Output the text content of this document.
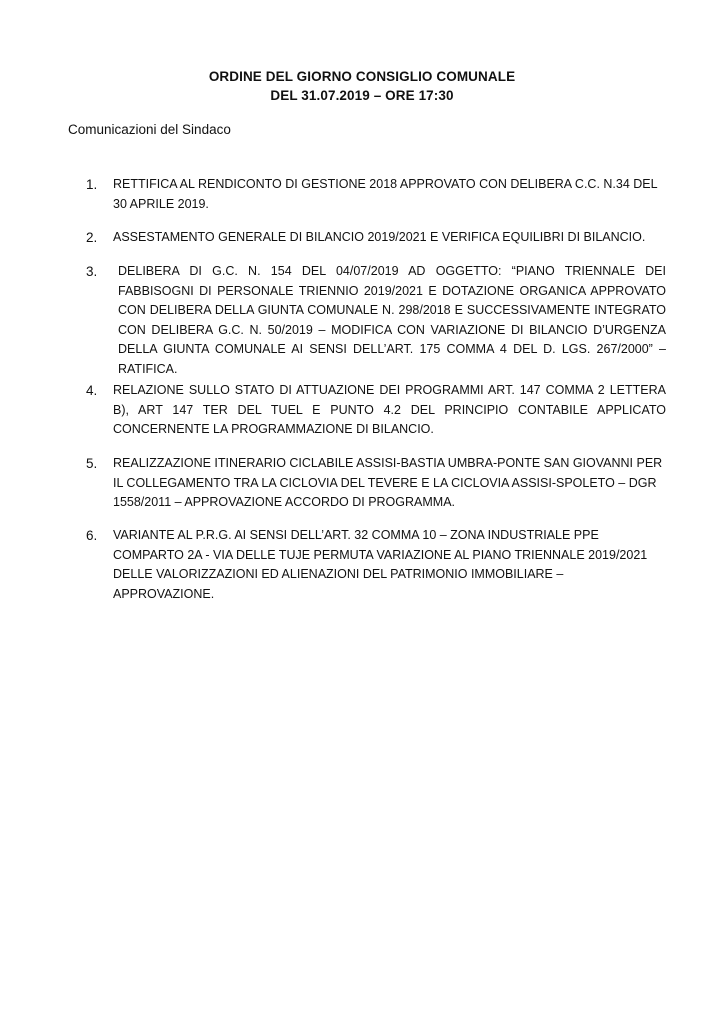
ORDINE DEL GIORNO CONSIGLIO COMUNALE
DEL 31.07.2019 – ORE 17:30
Comunicazioni del Sindaco
1. RETTIFICA AL RENDICONTO DI GESTIONE 2018 APPROVATO CON DELIBERA C.C. N.34 DEL 30 APRILE 2019.
2. ASSESTAMENTO GENERALE DI BILANCIO 2019/2021 E VERIFICA EQUILIBRI DI BILANCIO.
3.	DELIBERA DI G.C. N. 154 DEL 04/07/2019 AD OGGETTO: “PIANO TRIENNALE DEI FABBISOGNI DI PERSONALE TRIENNIO 2019/2021 E DOTAZIONE ORGANICA APPROVATO CON DELIBERA DELLA GIUNTA COMUNALE N. 298/2018 E SUCCESSIVAMENTE INTEGRATO CON DELIBERA G.C. N. 50/2019 – MODIFICA CON VARIAZIONE DI BILANCIO D’URGENZA DELLA GIUNTA COMUNALE AI SENSI DELL’ART. 175 COMMA 4 DEL D. LGS. 267/2000” – RATIFICA.
4. RELAZIONE SULLO STATO DI ATTUAZIONE DEI PROGRAMMI ART. 147 COMMA 2 LETTERA B), ART 147 TER DEL TUEL E PUNTO 4.2 DEL PRINCIPIO CONTABILE APPLICATO CONCERNENTE LA PROGRAMMAZIONE DI BILANCIO.
5. REALIZZAZIONE ITINERARIO CICLABILE ASSISI-BASTIA UMBRA-PONTE SAN GIOVANNI PER IL COLLEGAMENTO TRA LA CICLOVIA DEL TEVERE E LA CICLOVIA ASSISI-SPOLETO – DGR 1558/2011 – APPROVAZIONE ACCORDO DI PROGRAMMA.
6. VARIANTE AL P.R.G. AI SENSI DELL’ART. 32 COMMA 10 – ZONA INDUSTRIALE PPE COMPARTO 2A - VIA DELLE TUJE PERMUTA VARIAZIONE AL PIANO TRIENNALE 2019/2021 DELLE VALORIZZAZIONI ED ALIENAZIONI DEL PATRIMONIO IMMOBILIARE – APPROVAZIONE.
